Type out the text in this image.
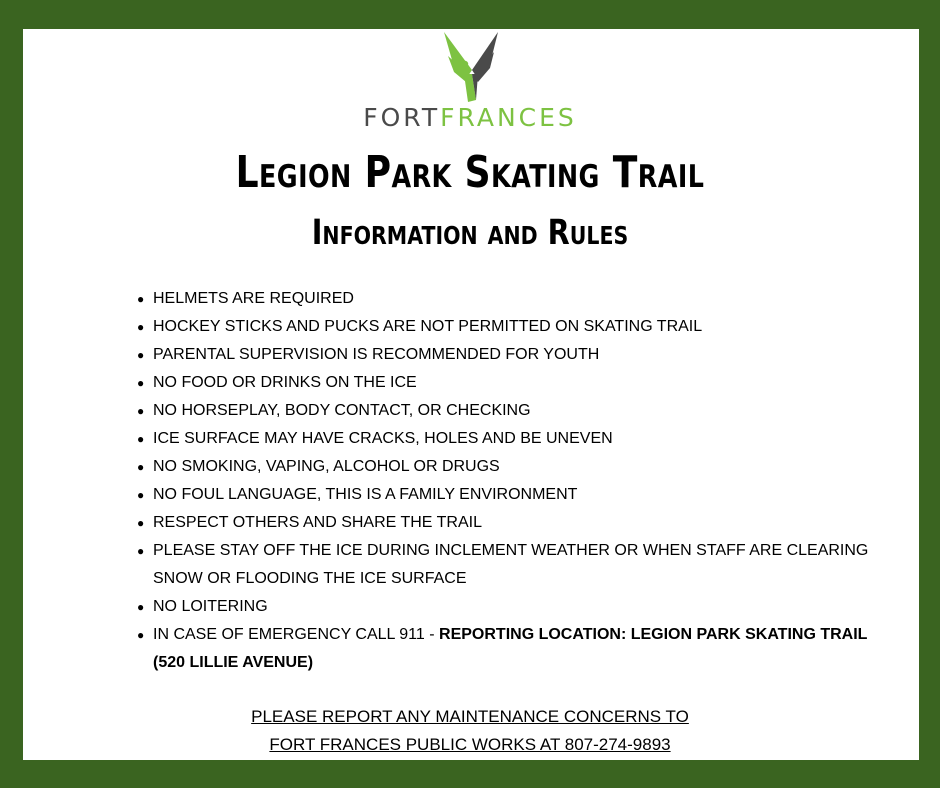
FORTFRANCES
Legion Park Skating Trail
Information and Rules
● HELMETS ARE REQUIRED
● HOCKEY STICKS AND PUCKS ARE NOT PERMITTED ON SKATING TRAIL
● PARENTAL SUPERVISION IS RECOMMENDED FOR YOUTH
● NO FOOD OR DRINKS ON THE ICE
● NO HORSEPLAY, BODY CONTACT, OR CHECKING
● ICE SURFACE MAY HAVE CRACKS, HOLES AND BE UNEVEN
● NO SMOKING, VAPING, ALCOHOL OR DRUGS
● NO FOUL LANGUAGE, THIS IS A FAMILY ENVIRONMENT
● RESPECT OTHERS AND SHARE THE TRAIL
● PLEASE STAY OFF THE ICE DURING INCLEMENT WEATHER OR WHEN STAFF ARE CLEARING SNOW OR FLOODING THE ICE SURFACE
● NO LOITERING
● IN CASE OF EMERGENCY CALL 911 - REPORTING LOCATION: LEGION PARK SKATING TRAIL (520 LILLIE AVENUE)
PLEASE REPORT ANY MAINTENANCE CONCERNS TO
FORT FRANCES PUBLIC WORKS AT 807-274-9893
